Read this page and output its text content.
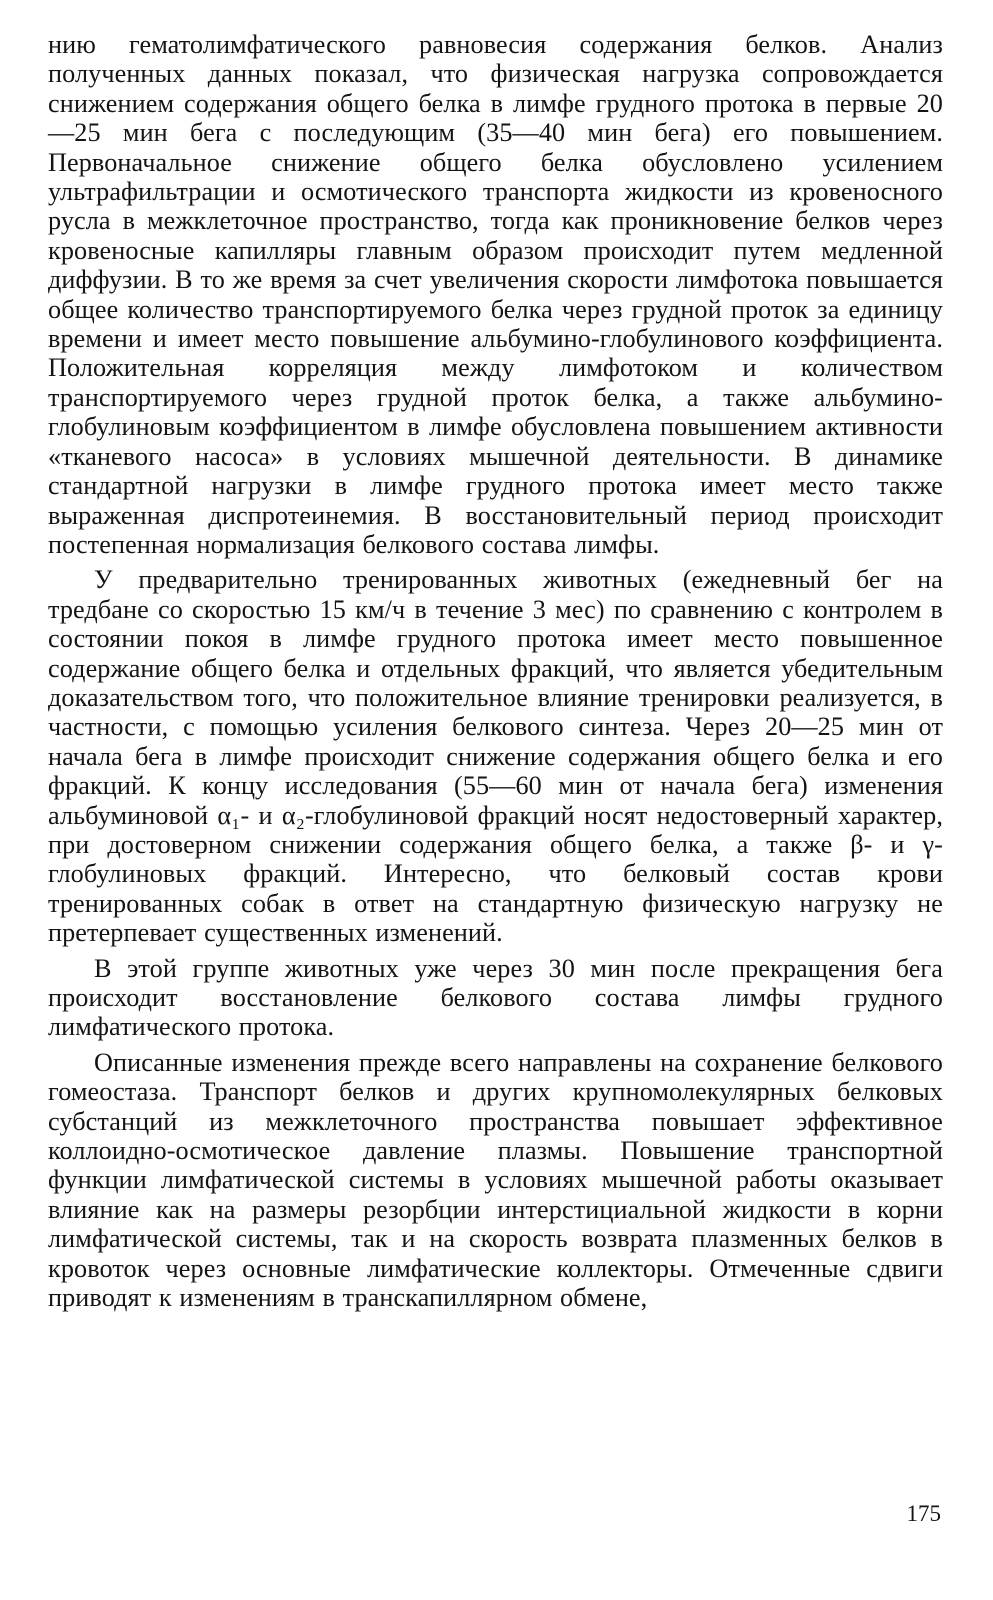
нию гематолимфатического равновесия содержания белков. Анализ полученных данных показал, что физическая нагрузка сопровождается снижением содержания общего белка в лимфе грудного протока в первые 20—25 мин бега с последующим (35—40 мин бега) его повышением. Первоначальное снижение общего белка обусловлено усилением ультрафильтрации и осмотического транспорта жидкости из кровеносного русла в межклеточное пространство, тогда как проникновение белков через кровеносные капилляры главным образом происходит путем медленной диффузии. В то же время за счет увеличения скорости лимфотока повышается общее количество транспортируемого белка через грудной проток за единицу времени и имеет место повышение альбумино-глобулинового коэффициента. Положительная корреляция между лимфотоком и количеством транспортируемого через грудной проток белка, а также альбумино-глобулиновым коэффициентом в лимфе обусловлена повышением активности «тканевого насоса» в условиях мышечной деятельности. В динамике стандартной нагрузки в лимфе грудного протока имеет место также выраженная диспротеинемия. В восстановительный период происходит постепенная нормализация белкового состава лимфы.

У предварительно тренированных животных (ежедневный бег на тредбане со скоростью 15 км/ч в течение 3 мес) по сравнению с контролем в состоянии покоя в лимфе грудного протока имеет место повышенное содержание общего белка и отдельных фракций, что является убедительным доказательством того, что положительное влияние тренировки реализуется, в частности, с помощью усиления белкового синтеза. Через 20—25 мин от начала бега в лимфе происходит снижение содержания общего белка и его фракций. К концу исследования (55—60 мин от начала бега) изменения альбуминовой α₁- и α₂-глобулиновой фракций носят недостоверный характер, при достоверном снижении содержания общего белка, а также β- и γ-глобулиновых фракций. Интересно, что белковый состав крови тренированных собак в ответ на стандартную физическую нагрузку не претерпевает существенных изменений.

В этой группе животных уже через 30 мин после прекращения бега происходит восстановление белкового состава лимфы грудного лимфатического протока.

Описанные изменения прежде всего направлены на сохранение белкового гомеостаза. Транспорт белков и других крупномолекулярных белковых субстанций из межклеточного пространства повышает эффективное коллоидно-осмотическое давление плазмы. Повышение транспортной функции лимфатической системы в условиях мышечной работы оказывает влияние как на размеры резорбции интерстициальной жидкости в корни лимфатической системы, так и на скорость возврата плазменных белков в кровоток через основные лимфатические коллекторы. Отмеченные сдвиги приводят к изменениям в транскапиллярном обмене,

175
